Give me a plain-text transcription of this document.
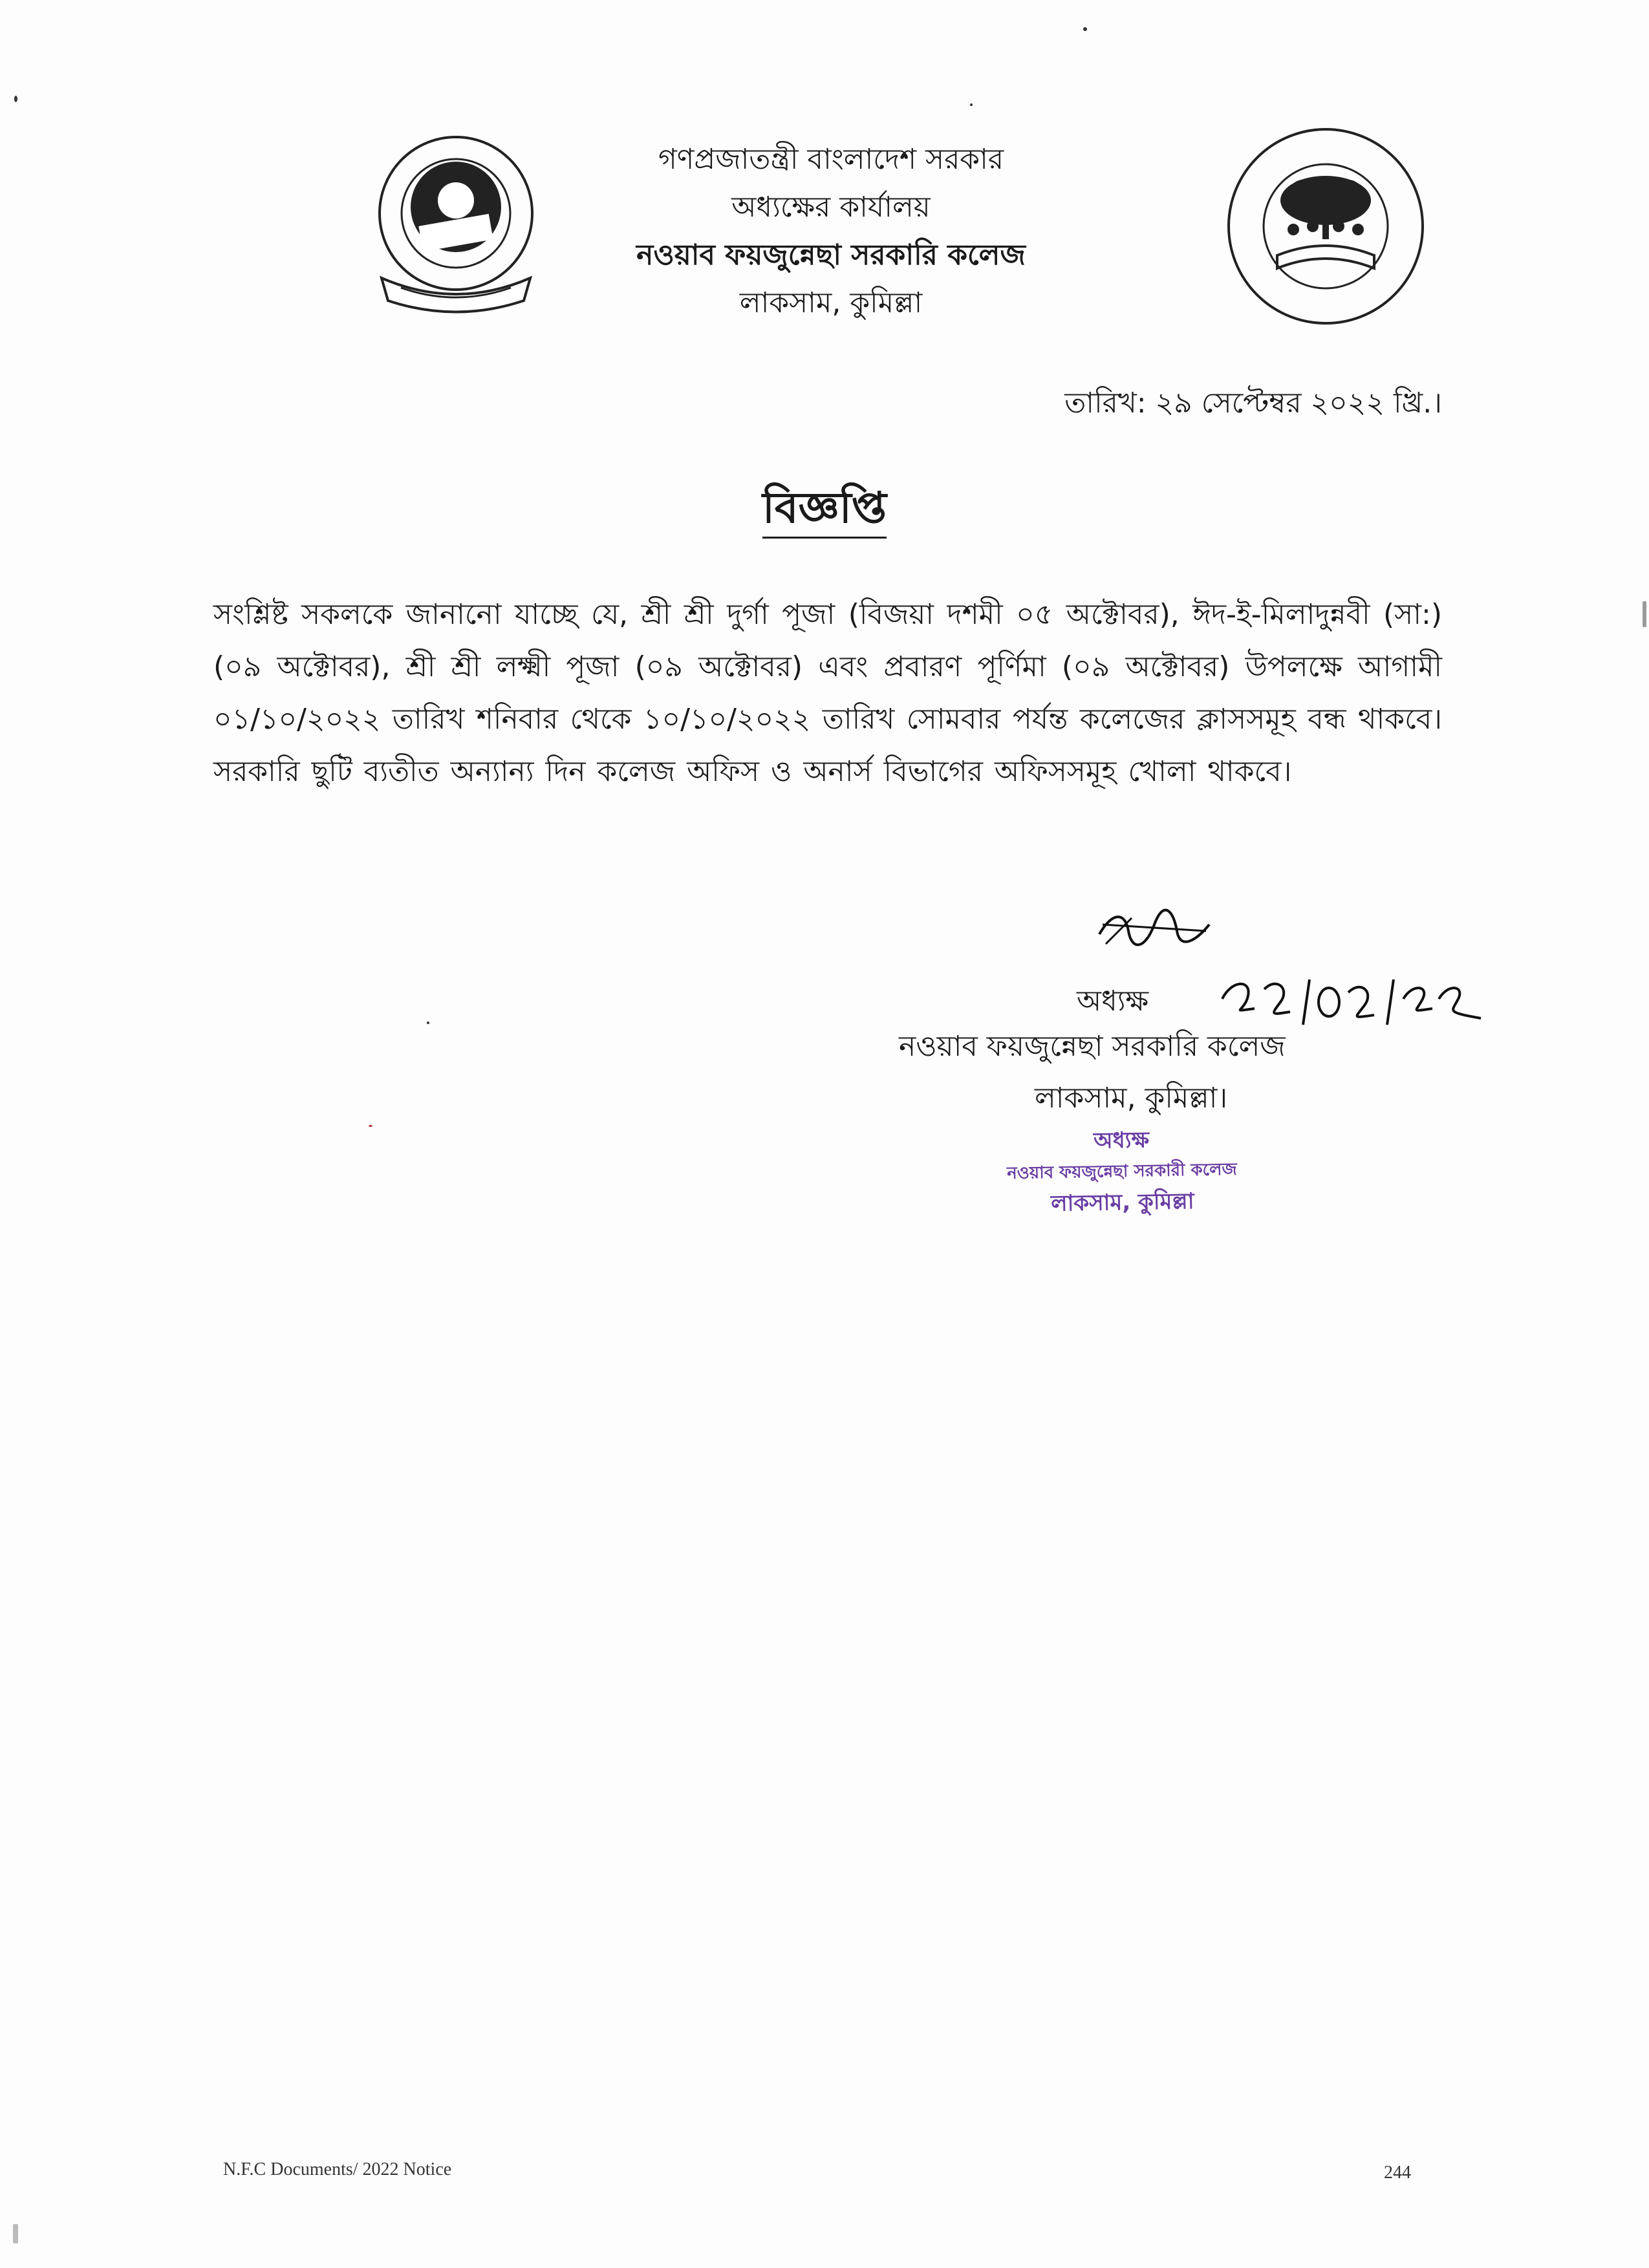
গণপ্রজাতন্ত্রী বাংলাদেশ সরকার
অধ্যক্ষের কার্যালয়
নওয়াব ফয়জুন্নেছা সরকারি কলেজ
লাকসাম, কুমিল্লা
তারিখ: ২৯ সেপ্টেম্বর ২০২২ খ্রি.।
বিজ্ঞপ্তি
সংশ্লিষ্ট সকলকে জানানো যাচ্ছে যে, শ্রী শ্রী দুর্গা পূজা (বিজয়া দশমী ০৫ অক্টোবর), ঈদ-ই-মিলাদুন্নবী (সা:) (০৯ অক্টোবর), শ্রী শ্রী লক্ষ্মী পূজা (০৯ অক্টোবর) এবং প্রবারণ পূর্ণিমা (০৯ অক্টোবর) উপলক্ষে আগামী ০১/১০/২০২২ তারিখ শনিবার থেকে ১০/১০/২০২২ তারিখ সোমবার পর্যন্ত কলেজের ক্লাসসমূহ বন্ধ থাকবে। সরকারি ছুটি ব্যতীত অন্যান্য দিন কলেজ অফিস ও অনার্স বিভাগের অফিসসমূহ খোলা থাকবে।
অধ্যক্ষ
নওয়াব ফয়জুন্নেছা সরকারি কলেজ
লাকসাম, কুমিল্লা।
অধ্যক্ষ
নওয়াব ফয়জুন্নেছা সরকারী কলেজ
লাকসাম, কুমিল্লা
N.F.C Documents/ 2022 Notice	244
